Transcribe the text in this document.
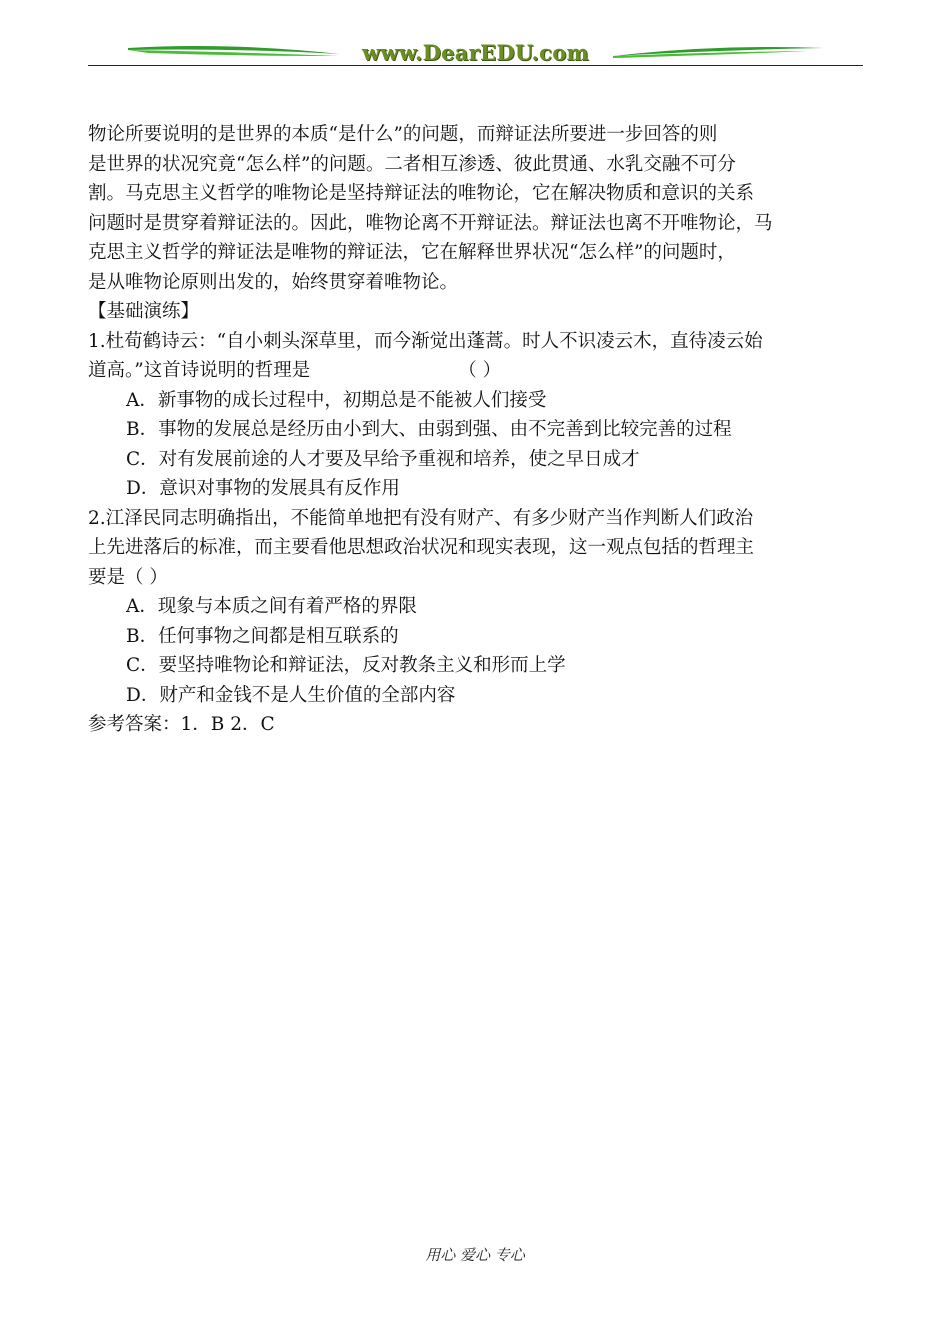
www.DearEDU.com
物论所要说明的是世界的本质“是什么”的问题，而辩证法所要进一步回答的则
是世界的状况究竟“怎么样”的问题。二者相互渗透、彼此贯通、水乳交融不可分
割。马克思主义哲学的唯物论是坚持辩证法的唯物论，它在解决物质和意识的关系
问题时是贯穿着辩证法的。因此，唯物论离不开辩证法。辩证法也离不开唯物论，马
克思主义哲学的辩证法是唯物的辩证法，它在解释世界状况“怎么样”的问题时，
是从唯物论原则出发的，始终贯穿着唯物论。
【基础演练】
1.杜荀鹤诗云：“自小刺头深草里，而今渐觉出蓬蒿。时人不识凌云木，直待凌云始
道高。”这首诗说明的哲理是	（ ）
A．新事物的成长过程中，初期总是不能被人们接受
B．事物的发展总是经历由小到大、由弱到强、由不完善到比较完善的过程
C．对有发展前途的人才要及早给予重视和培养，使之早日成才
D．意识对事物的发展具有反作用
2.江泽民同志明确指出，不能简单地把有没有财产、有多少财产当作判断人们政治
上先进落后的标准，而主要看他思想政治状况和现实表现，这一观点包括的哲理主
要是（ ）
A．现象与本质之间有着严格的界限
B．任何事物之间都是相互联系的
C．要坚持唯物论和辩证法，反对教条主义和形而上学
D．财产和金钱不是人生价值的全部内容
参考答案：1．B 2．C
用心 爱心 专心
